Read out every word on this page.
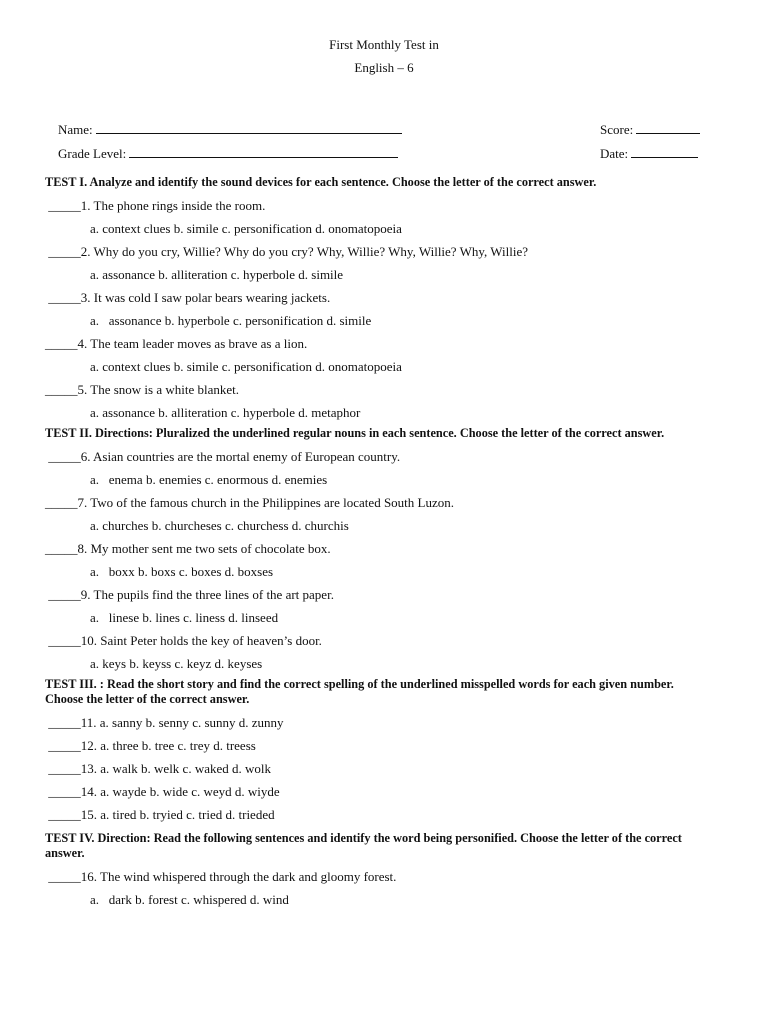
First Monthly Test in
English – 6

Name:

Grade Level:

Score:

Date:

TEST I. Analyze and identify the sound devices for each sentence. Choose the letter of the correct answer.

_____1. The phone rings inside the room.
a. context clues b. simile c. personification d. onomatopoeia
_____2. Why do you cry, Willie? Why do you cry? Why, Willie? Why, Willie? Why, Willie?
a. assonance b. alliteration c. hyperbole d. simile
_____3. It was cold I saw polar bears wearing jackets.
a.   assonance b. hyperbole c. personification d. simile
_____4. The team leader moves as brave as a lion.
a. context clues b. simile c. personification d. onomatopoeia
_____5. The snow is a white blanket.
a. assonance b. alliteration c. hyperbole d. metaphor

TEST II. Directions: Pluralized the underlined regular nouns in each sentence. Choose the letter of the correct answer.

_____6. Asian countries are the mortal enemy of European country.
a.   enema b. enemies c. enormous d. enemies
_____7. Two of the famous church in the Philippines are located South Luzon.
a. churches b. churcheses c. churchess d. churchis
_____8. My mother sent me two sets of chocolate box.
a.   boxx b. boxs c. boxes d. boxses
_____9. The pupils find the three lines of the art paper.
a.   linese b. lines c. liness d. linseed
_____10. Saint Peter holds the key of heaven’s door.
a. keys b. keyss c. keyz d. keyses

TEST III. : Read the short story and find the correct spelling of the underlined misspelled words for each given number. Choose the letter of the correct answer.

_____11. a. sanny b. senny c. sunny d. zunny
_____12. a. three b. tree c. trey d. treess
_____13. a. walk b. welk c. waked d. wolk
_____14. a. wayde b. wide c. weyd d. wiyde
_____15. a. tired b. tryied c. tried d. trieded

TEST IV. Direction: Read the following sentences and identify the word being personified. Choose the letter of the correct answer.

_____16. The wind whispered through the dark and gloomy forest.
a.   dark b. forest c. whispered d. wind
